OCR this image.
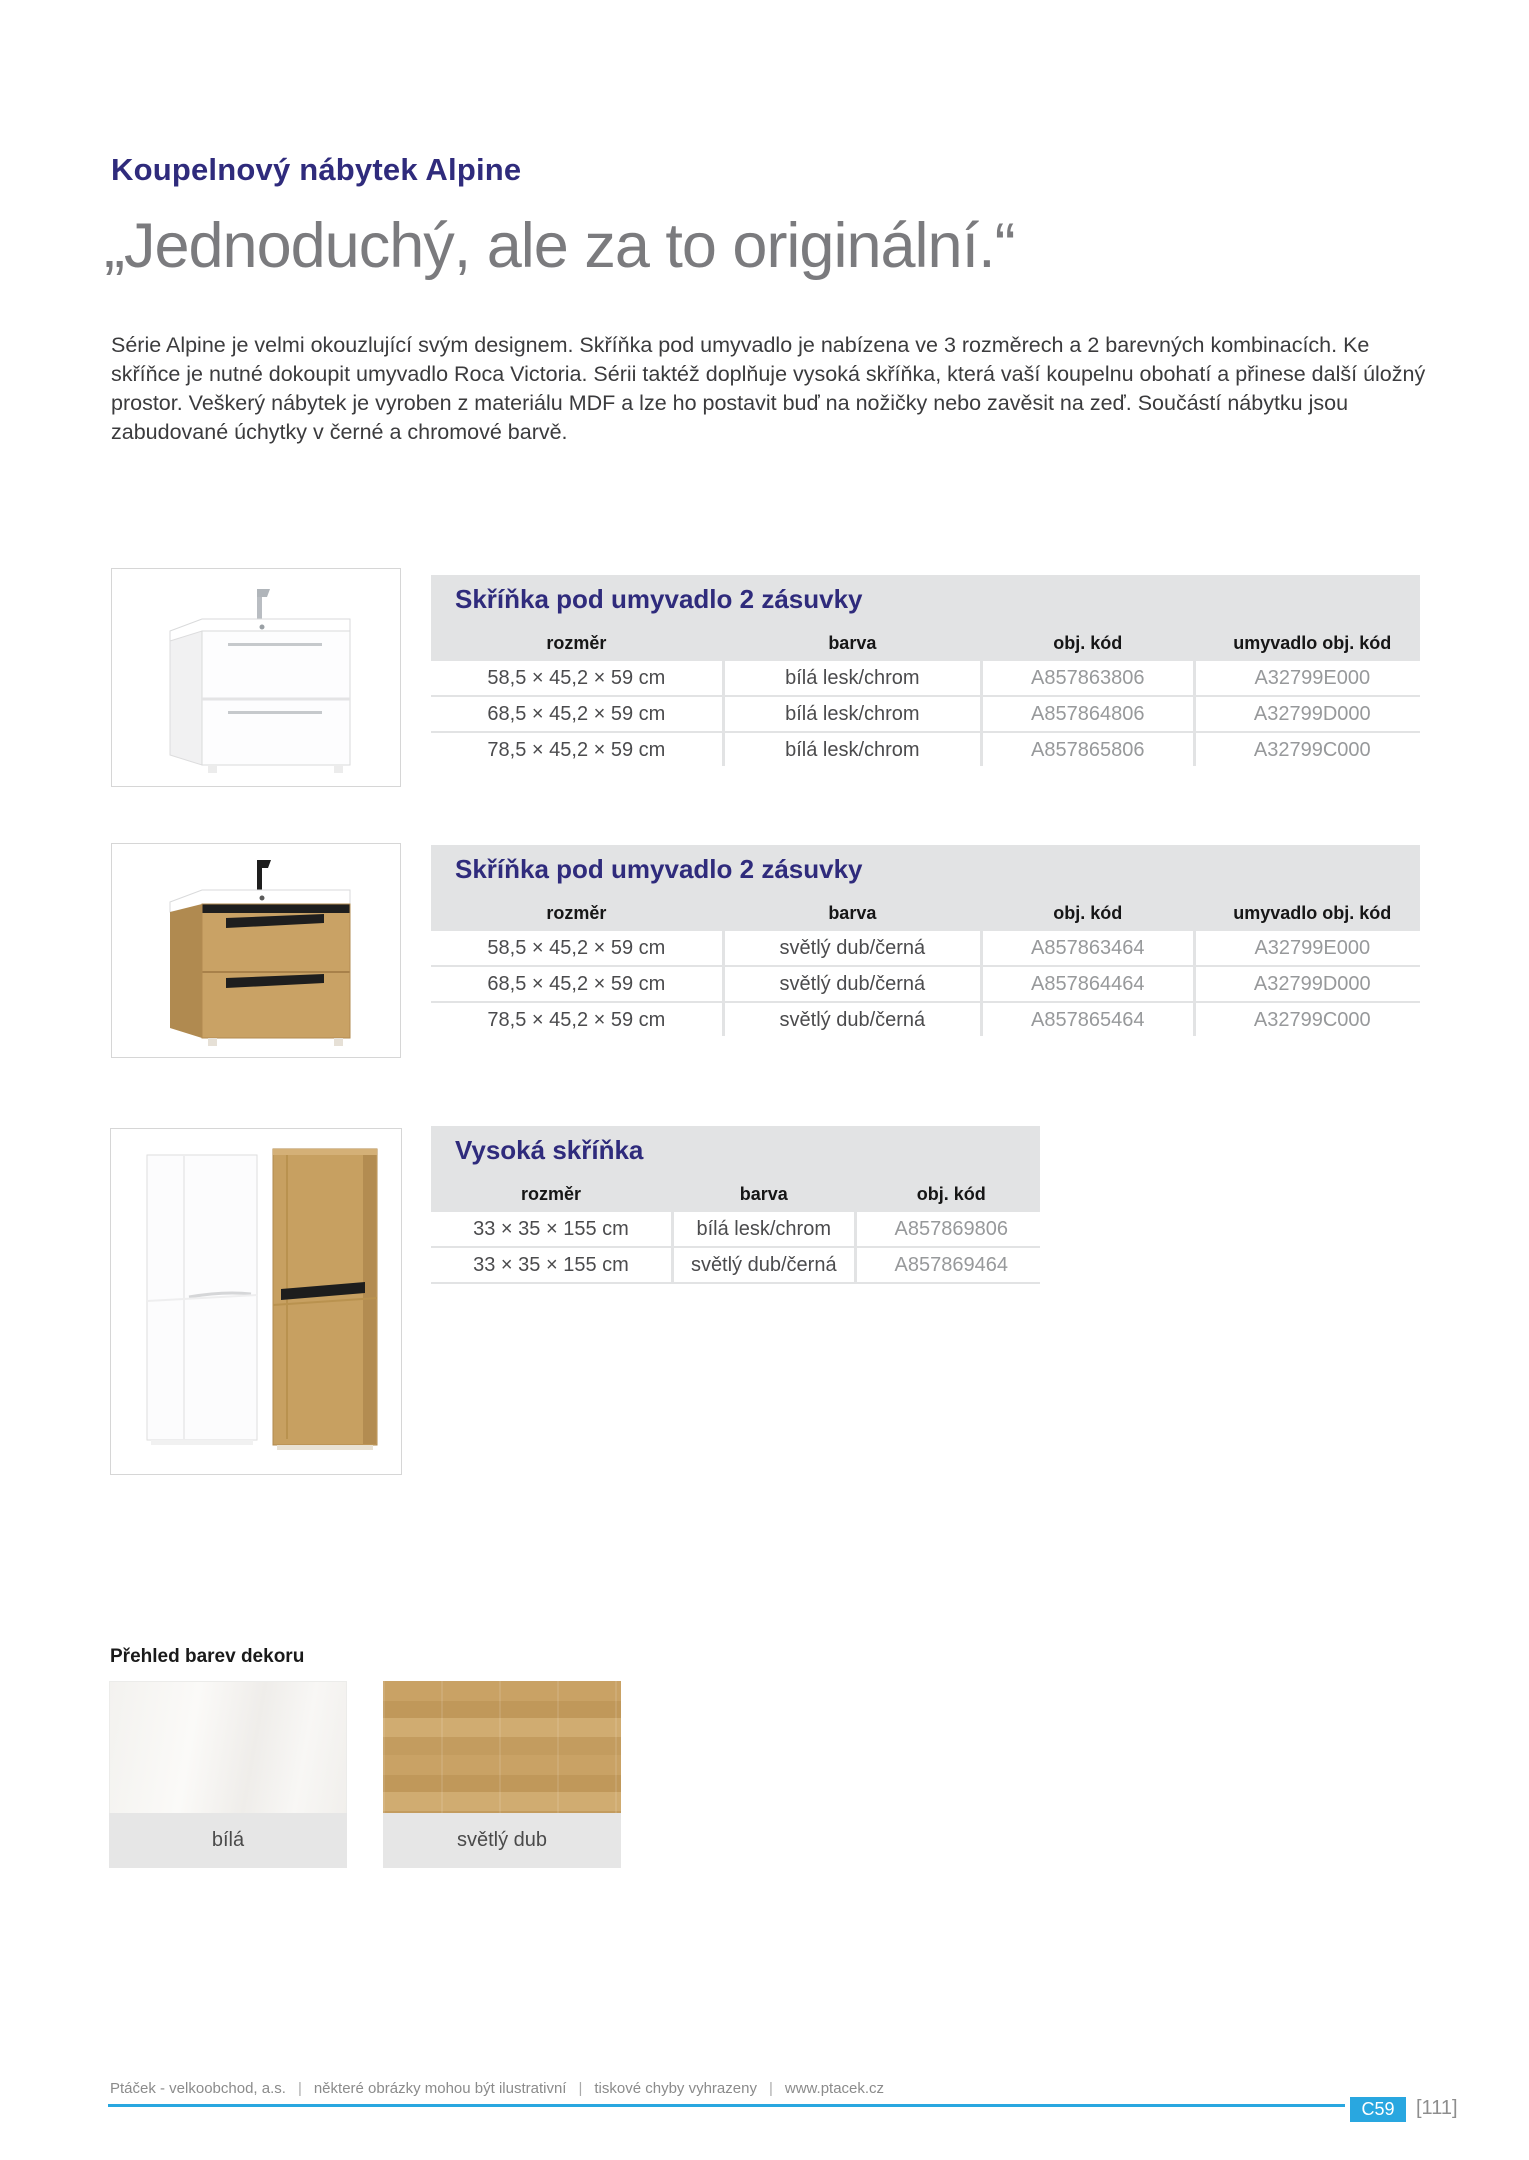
Koupelnový nábytek Alpine
„Jednoduchý, ale za to originální.“
Série Alpine je velmi okouzlující svým designem. Skříňka pod umyvadlo je nabízena ve 3 rozměrech a 2 barevných kombinacích. Ke skříňce je nutné dokoupit umyvadlo Roca Victoria. Sérii taktéž doplňuje vysoká skříňka, která vaší koupelnu obohatí a přinese další úložný prostor. Veškerý nábytek je vyroben z materiálu MDF a lze ho postavit buď na nožičky nebo zavěsit na zeď. Součástí nábytku jsou zabudované úchytky v černé a chromové barvě.
Skříňka pod umyvadlo 2 zásuvky
rozměr	barva	obj. kód	umyvadlo obj. kód
58,5 × 45,2 × 59 cm	bílá lesk/chrom	A857863806	A32799E000
68,5 × 45,2 × 59 cm	bílá lesk/chrom	A857864806	A32799D000
78,5 × 45,2 × 59 cm	bílá lesk/chrom	A857865806	A32799C000
Skříňka pod umyvadlo 2 zásuvky
rozměr	barva	obj. kód	umyvadlo obj. kód
58,5 × 45,2 × 59 cm	světlý dub/černá	A857863464	A32799E000
68,5 × 45,2 × 59 cm	světlý dub/černá	A857864464	A32799D000
78,5 × 45,2 × 59 cm	světlý dub/černá	A857865464	A32799C000
Vysoká skříňka
rozměr	barva	obj. kód
33 × 35 × 155 cm	bílá lesk/chrom	A857869806
33 × 35 × 155 cm	světlý dub/černá	A857869464
Přehled barev dekoru
bílá	světlý dub
Ptáček - velkoobchod, a.s. | některé obrázky mohou být ilustrativní | tiskové chyby vyhrazeny | www.ptacek.cz
C59	[111]
